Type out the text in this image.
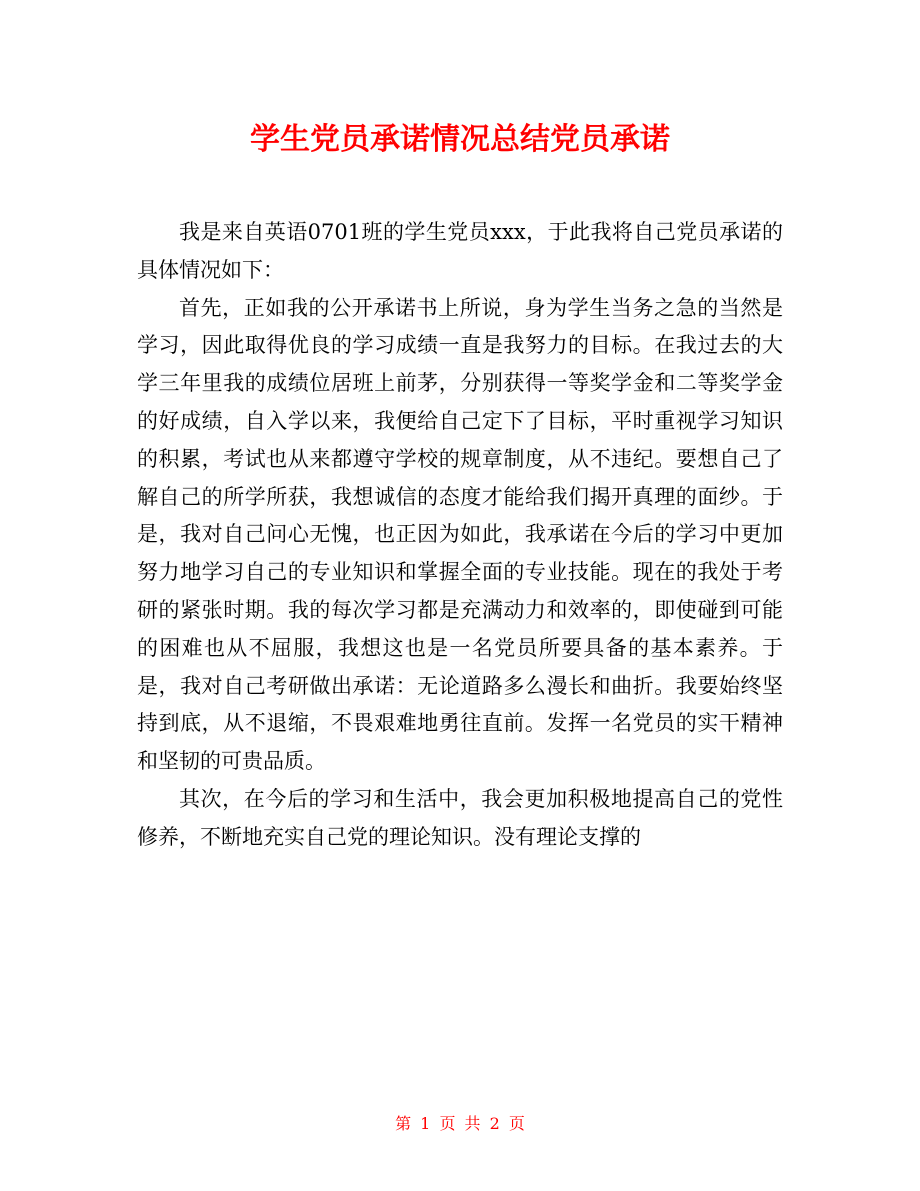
学生党员承诺情况总结党员承诺

我是来自英语0701班的学生党员xxx，于此我将自己党员承诺的具体情况如下：

首先，正如我的公开承诺书上所说，身为学生当务之急的当然是学习，因此取得优良的学习成绩一直是我努力的目标。在我过去的大学三年里我的成绩位居班上前茅，分别获得一等奖学金和二等奖学金的好成绩，自入学以来，我便给自己定下了目标，平时重视学习知识的积累，考试也从来都遵守学校的规章制度，从不违纪。要想自己了解自己的所学所获，我想诚信的态度才能给我们揭开真理的面纱。于是，我对自己问心无愧，也正因为如此，我承诺在今后的学习中更加努力地学习自己的专业知识和掌握全面的专业技能。现在的我处于考研的紧张时期。我的每次学习都是充满动力和效率的，即使碰到可能的困难也从不屈服，我想这也是一名党员所要具备的基本素养。于是，我对自己考研做出承诺：无论道路多么漫长和曲折。我要始终坚持到底，从不退缩，不畏艰难地勇往直前。发挥一名党员的实干精神和坚韧的可贵品质。

其次，在今后的学习和生活中，我会更加积极地提高自己的党性修养，不断地充实自己党的理论知识。没有理论支撑的

第 1 页 共 2 页
